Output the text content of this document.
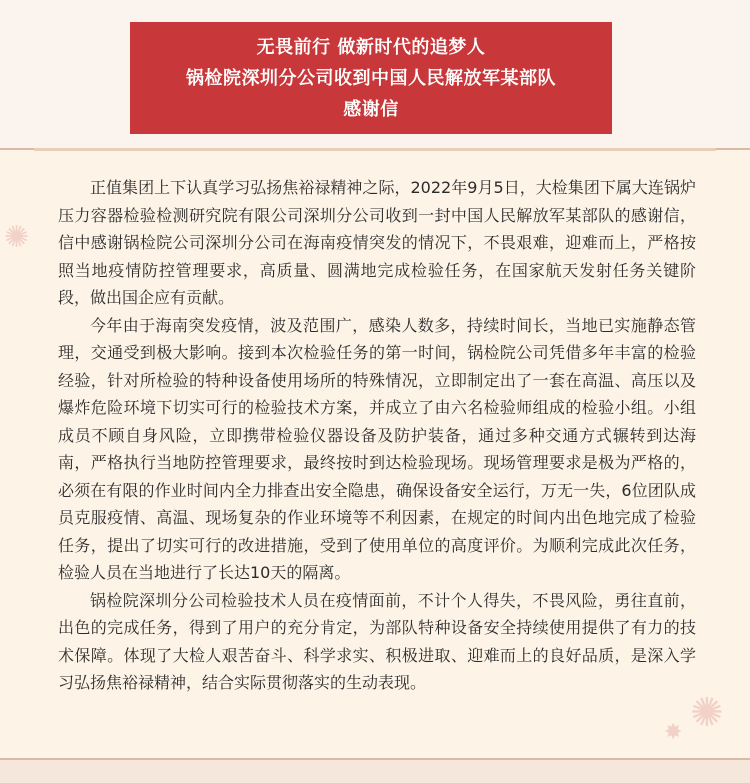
无畏前行 做新时代的追梦人
锅检院深圳分公司收到中国人民解放军某部队
感谢信
✺
✺
✸

正值集团上下认真学习弘扬焦裕禄精神之际，2022年9月5日，大检集团下属大连锅炉压力容器检验检测研究院有限公司深圳分公司收到一封中国人民解放军某部队的感谢信，信中感谢锅检院公司深圳分公司在海南疫情突发的情况下，不畏艰难，迎难而上，严格按照当地疫情防控管理要求，高质量、圆满地完成检验任务，在国家航天发射任务关键阶段，做出国企应有贡献。

今年由于海南突发疫情，波及范围广，感染人数多，持续时间长，当地已实施静态管理，交通受到极大影响。接到本次检验任务的第一时间，锅检院公司凭借多年丰富的检验经验，针对所检验的特种设备使用场所的特殊情况，立即制定出了一套在高温、高压以及爆炸危险环境下切实可行的检验技术方案，并成立了由六名检验师组成的检验小组。小组成员不顾自身风险，立即携带检验仪器设备及防护装备，通过多种交通方式辗转到达海南，严格执行当地防控管理要求，最终按时到达检验现场。现场管理要求是极为严格的，必须在有限的作业时间内全力排查出安全隐患，确保设备安全运行，万无一失，6位团队成员克服疫情、高温、现场复杂的作业环境等不利因素，在规定的时间内出色地完成了检验任务，提出了切实可行的改进措施，受到了使用单位的高度评价。为顺利完成此次任务，检验人员在当地进行了长达10天的隔离。

锅检院深圳分公司检验技术人员在疫情面前，不计个人得失，不畏风险，勇往直前，出色的完成任务，得到了用户的充分肯定，为部队特种设备安全持续使用提供了有力的技术保障。体现了大检人艰苦奋斗、科学求实、积极进取、迎难而上的良好品质，是深入学习弘扬焦裕禄精神，结合实际贯彻落实的生动表现。
